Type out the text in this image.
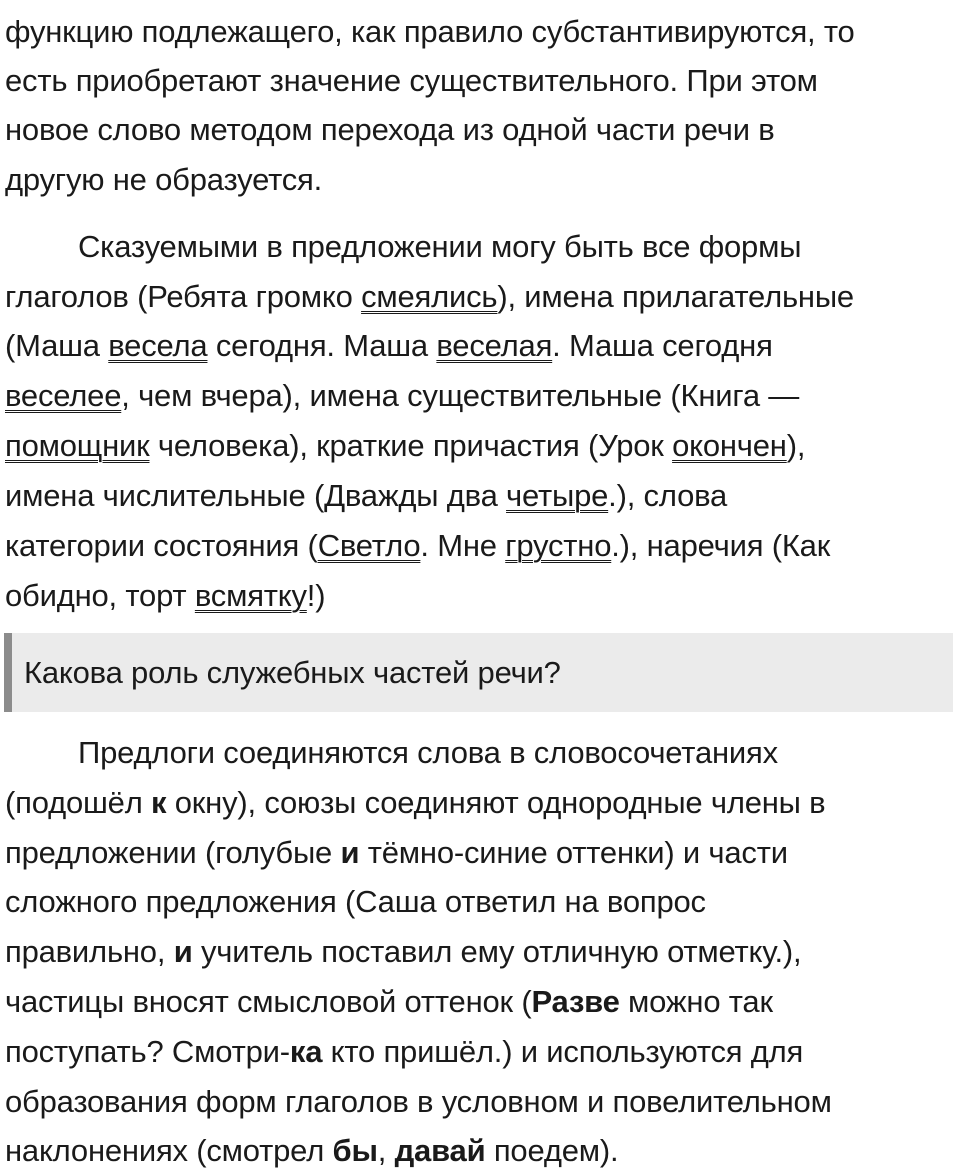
функцию подлежащего, как правило субстантивируются, то
есть приобретают значение существительного. При этом
новое слово методом перехода из одной части речи в
другую не образуется.
Сказуемыми в предложении могу быть все формы
глаголов (Ребята громко смеялись), имена прилагательные
(Маша весела сегодня. Маша веселая. Маша сегодня
веселее, чем вчера), имена существительные (Книга —
помощник человека), краткие причастия (Урок окончен),
имена числительные (Дважды два четыре.), слова
категории состояния (Светло. Мне грустно.), наречия (Как
обидно, торт всмятку!)
Какова роль служебных частей речи?
Предлоги соединяются слова в словосочетаниях
(подошёл к окну), союзы соединяют однородные члены в
предложении (голубые и тёмно-синие оттенки) и части
сложного предложения (Саша ответил на вопрос
правильно, и учитель поставил ему отличную отметку.),
частицы вносят смысловой оттенок (Разве можно так
поступать? Смотри-ка кто пришёл.) и используются для
образования форм глаголов в условном и повелительном
наклонениях (смотрел бы, давай поедем).
